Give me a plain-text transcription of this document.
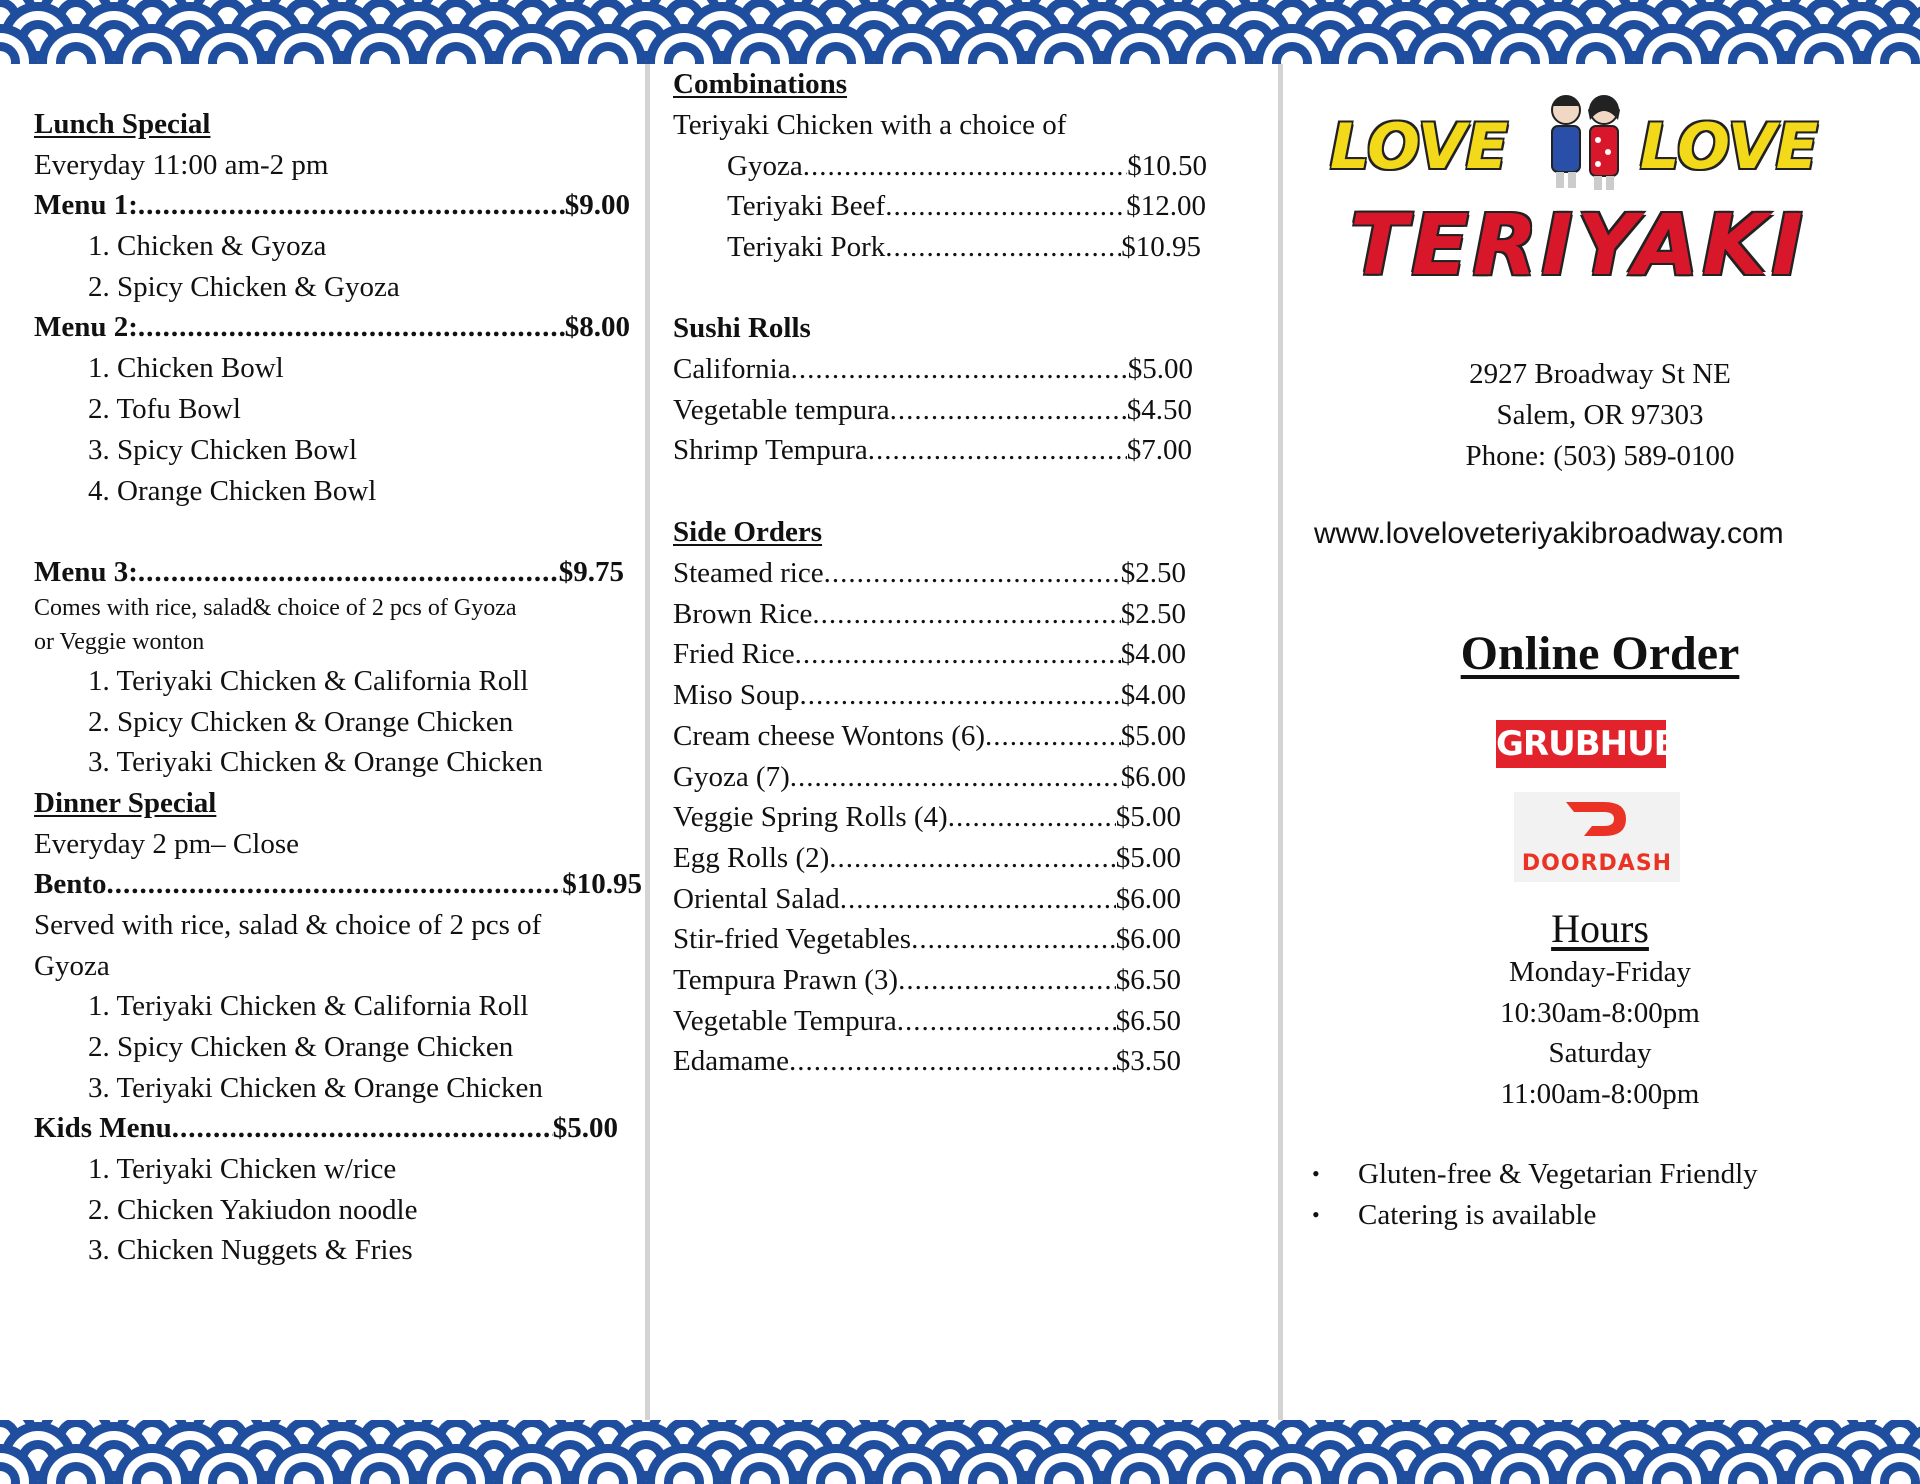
Lunch Special
Everyday 11:00 am-2 pm
Menu 1: .....	$9.00
1. Chicken & Gyoza
2. Spicy Chicken & Gyoza
Menu 2: .....	$8.00
1. Chicken Bowl
2. Tofu Bowl
3. Spicy Chicken Bowl
4. Orange Chicken Bowl
Menu 3: .....	$9.75
Comes with rice, salad& choice of 2 pcs of Gyoza
or Veggie wonton
1. Teriyaki Chicken & California Roll
2. Spicy Chicken & Orange Chicken
3. Teriyaki Chicken & Orange Chicken
Dinner Special
Everyday 2 pm– Close
Bento .....	$10.95
Served with rice, salad & choice of 2 pcs of
Gyoza
1. Teriyaki Chicken & California Roll
2. Spicy Chicken & Orange Chicken
3. Teriyaki Chicken & Orange Chicken
Kids Menu .....	$5.00
1. Teriyaki Chicken w/rice
2. Chicken Yakiudon noodle
3. Chicken Nuggets & Fries
Combinations
Teriyaki Chicken with a choice of
Gyoza .....	$10.50
Teriyaki Beef .....	$12.00
Teriyaki Pork .....	$10.95
Sushi Rolls
California .....	$5.00
Vegetable tempura .....	$4.50
Shrimp Tempura .....	$7.00
Side Orders
Steamed rice .....	$2.50
Brown Rice .....	$2.50
Fried Rice .....	$4.00
Miso Soup .....	$4.00
Cream cheese Wontons (6) .....	$5.00
Gyoza (7) .....	$6.00
Veggie Spring Rolls (4) .....	$5.00
Egg Rolls (2) .....	$5.00
Oriental Salad .....	$6.00
Stir-fried Vegetables .....	$6.00
Tempura Prawn (3) .....	$6.50
Vegetable Tempura .....	$6.50
Edamame .....	$3.50
LOVE LOVE
TERIYAKI
2927 Broadway St NE
Salem, OR 97303
Phone: (503) 589-0100
www.loveloveteriyakibroadway.com
Online Order
GRUBHUB
DOORDASH
Hours
Monday-Friday
10:30am-8:00pm
Saturday
11:00am-8:00pm
• Gluten-free & Vegetarian Friendly
• Catering is available
